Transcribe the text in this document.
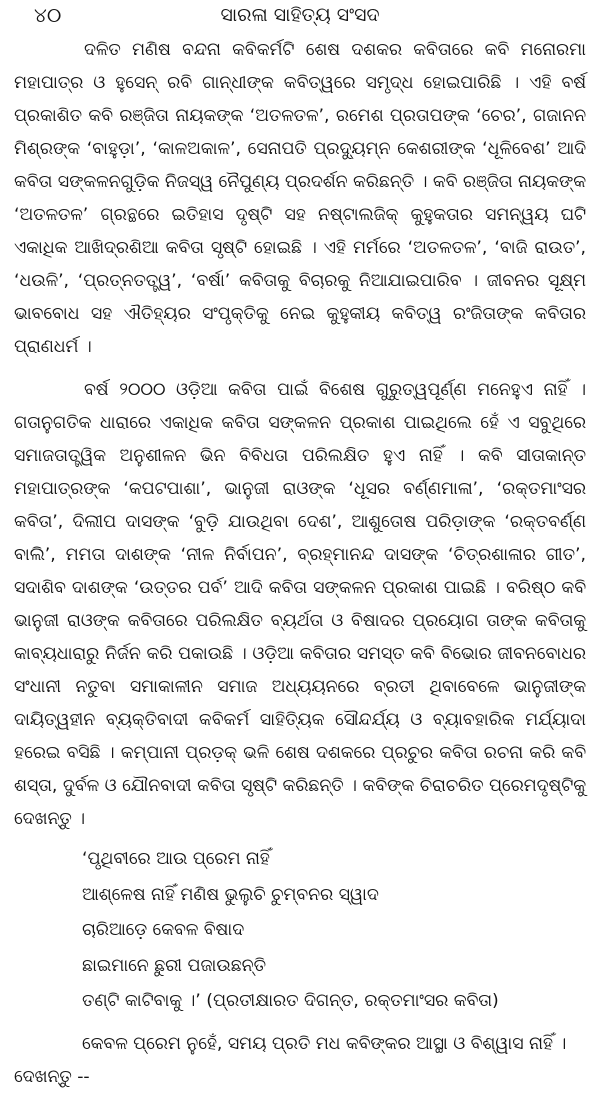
୪୦	ସାରଳା ସାହିତ୍ୟ ସଂସଦ

ଦଳିତ ମଣିଷ ବନ୍ଦନା କବିକର୍ମଟି ଶେଷ ଦଶକର କବିତାରେ କବି ମନୋରମା ମହାପାତ୍ର ଓ ହୁସେନ୍ ରବି ଗାନ୍ଧୀଙ୍କ କବିତ୍ୱରେ ସମୃଦ୍ଧ ହୋଇପାରିଛି । ଏହି ବର୍ଷ ପ୍ରକାଶିତ କବି ରଞ୍ଜିତା ନାୟକଙ୍କ ‘ଅତଳତଳ’, ରମେଶ ପ୍ରତାପଙ୍କ ‘ଚେର’, ଗଜାନନ ମିଶ୍ରଙ୍କ ‘ବାହୁଡ଼ା’, ‘କାଳଅକାଳ’, ସେନାପତି ପ୍ରଦ୍ୟୁମ୍ନ କେଶରୀଙ୍କ ‘ଧୂଳିବେଶ’ ଆଦି କବିତା ସଙ୍କଳନଗୁଡ଼ିକ ନିଜସ୍ୱ ନୈପୁଣ୍ୟ ପ୍ରଦର୍ଶନ କରିଛନ୍ତି । କବି ରଞ୍ଜିତା ନାୟକଙ୍କ ‘ଅତଳତଳ’ ଗ୍ରନ୍ଥରେ ଇତିହାସ ଦୃଷ୍ଟି ସହ ନଷ୍ଟାଲଜିକ୍ କୁହୁକତାର ସମନ୍ୱୟ ଘଟି ଏକାଧିକ ଆଖିଦ୍ରଶିଆ କବିତା ସୃଷ୍ଟି ହୋଇଛି । ଏହି ମର୍ମରେ ‘ଅତଳତଳ’, ‘ବାଜି ରାଉତ’, ‘ଧଉଳି’, ‘ପ୍ରତ୍ନତତ୍ତ୍ୱ’, ‘ବର୍ଷା’ କବିତାକୁ ବିଚାରକୁ ନିଆଯାଇପାରିବ । ଜୀବନର ସୂକ୍ଷ୍ମ ଭାବବୋଧ ସହ ଐତିହ୍ୟର ସଂପୃକ୍ତିକୁ ନେଇ କୁହୁକୀୟ କବିତ୍ୱ ରଂଜିତାଙ୍କ କବିତାର ପ୍ରାଣଧର୍ମ ।

ବର୍ଷ ୨୦୦୦ ଓଡ଼ିଆ କବିତା ପାଇଁ ବିଶେଷ ଗୁରୁତ୍ୱପୂର୍ଣ୍ଣ ମନେହୁଏ ନାହିଁ । ଗତାନୁଗତିକ ଧାରାରେ ଏକାଧିକ କବିତା ସଙ୍କଳନ ପ୍ରକାଶ ପାଇଥିଲେ ହେଁ ଏ ସବୁଥିରେ ସମାଜତାତ୍ତ୍ୱିକ ଅନୁଶୀଳନ ଭିନ ବିବିଧତା ପରିଲକ୍ଷିତ ହୁଏ ନାହିଁ । କବି ସୀତାକାନ୍ତ ମହାପାତ୍ରଙ୍କ ‘କପଟପାଶା’, ଭାନୁଜୀ ରାଓଙ୍କ ‘ଧୂସର ବର୍ଣ୍ଣମାଳା’, ‘ରକ୍ତମାଂସର କବିତା’, ଦିଲୀପ ଦାସଙ୍କ ‘ବୁଡ଼ି ଯାଉଥିବା ଦେଶ’, ଆଶୁତୋଷ ପରିଡ଼ାଙ୍କ ‘ରକ୍ତବର୍ଣ୍ଣ ବାଲି’, ମମତା ଦାଶଙ୍କ ‘ନୀଳ ନିର୍ବାପନ’, ବ୍ରହ୍ମାନନ୍ଦ ଦାସଙ୍କ ‘ଚିତ୍ରଶାଳାର ଗୀତ’, ସଦାଶିବ ଦାଶଙ୍କ ‘ଉତ୍ତର ପର୍ବ’ ଆଦି କବିତା ସଙ୍କଳନ ପ୍ରକାଶ ପାଇଛି । ବରିଷ୍ଠ କବି ଭାନୁଜୀ ରାଓଙ୍କ କବିତାରେ ପରିଲକ୍ଷିତ ବ୍ୟର୍ଥତା ଓ ବିଷାଦର ପ୍ରୟୋଗ ତାଙ୍କ କବିତାକୁ କାବ୍ୟଧାରାରୁ ନିର୍ଜନ କରି ପକାଉଛି । ଓଡ଼ିଆ କବିତାର ସମସ୍ତ କବି ବିଭୋର ଜୀବନବୋଧର ସଂଧାନୀ ନତୁବା ସମାକାଳୀନ ସମାଜ ଅଧ୍ୟୟନରେ ବ୍ରତୀ ଥିବାବେଳେ ଭାନୁଜୀଙ୍କ ଦାୟିତ୍ୱହୀନ ବ୍ୟକ୍ତିବାଦୀ କବିକର୍ମ ସାହିତ୍ୟିକ ସୌନ୍ଦର୍ଯ୍ୟ ଓ ବ୍ୟାବହାରିକ ମର୍ଯ୍ୟାଦା ହରେଇ ବସିଛି । କମ୍ପାନୀ ପ୍ରଡ଼କ୍ ଭଳି ଶେଷ ଦଶକରେ ପ୍ରଚୁର କବିତା ରଚନା କରି କବି ଶସ୍ତା, ଦୁର୍ବଳ ଓ ଯୌନବାଦୀ କବିତା ସୃଷ୍ଟି କରିଛନ୍ତି । କବିଙ୍କ ଚିରାଚରିତ ପ୍ରେମଦୃଷ୍ଟିକୁ ଦେଖନ୍ତୁ ।

‘ପୃଥିବୀରେ ଆଉ ପ୍ରେମ ନାହିଁ
ଆଶ୍ଳେଷ ନାହିଁ ମଣିଷ ଭୁଲୁଚି ଚୁମ୍ବନର ସ୍ୱାଦ
ଚାରିଆଡ଼େ କେବଳ ବିଷାଦ
ଛାଇମାନେ ଛୁରୀ ପଜାଉଛନ୍ତି
ତଣ୍ଟି କାଟିବାକୁ ।’ (ପ୍ରତୀକ୍ଷାରତ ଦିଗନ୍ତ, ରକ୍ତମାଂସର କବିତା)
କେବଳ ପ୍ରେମ ନୁହେଁ, ସମୟ ପ୍ରତି ମଧ କବିଙ୍କର ଆସ୍ଥା ଓ ବିଶ୍ୱାସ ନାହିଁ ।
ଦେଖନ୍ତୁ --
